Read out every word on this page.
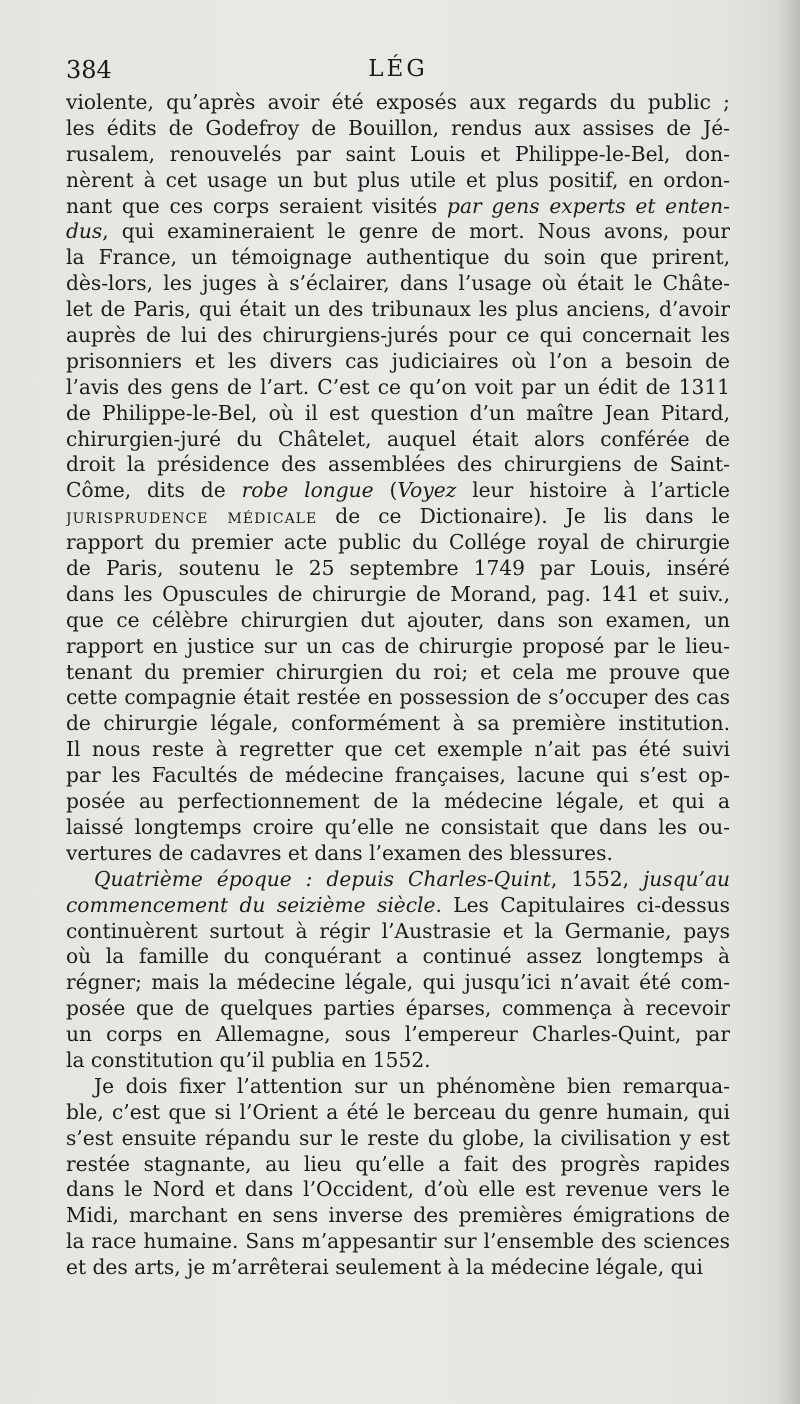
384	LÉG
violente, qu’après avoir été exposés aux regards du public ;
les édits de Godefroy de Bouillon, rendus aux assises de Jé-
rusalem, renouvelés par saint Louis et Philippe-le-Bel, don-
nèrent à cet usage un but plus utile et plus positif, en ordon-
nant que ces corps seraient visités par gens experts et enten-
dus, qui examineraient le genre de mort. Nous avons, pour
la France, un témoignage authentique du soin que prirent,
dès-lors, les juges à s’éclairer, dans l’usage où était le Châte-
let de Paris, qui était un des tribunaux les plus anciens, d’avoir
auprès de lui des chirurgiens-jurés pour ce qui concernait les
prisonniers et les divers cas judiciaires où l’on a besoin de
l’avis des gens de l’art. C’est ce qu’on voit par un édit de 1311
de Philippe-le-Bel, où il est question d’un maître Jean Pitard,
chirurgien-juré du Châtelet, auquel était alors conférée de
droit la présidence des assemblées des chirurgiens de Saint-
Côme, dits de robe longue (Voyez leur histoire à l’article
jurisprudence médicale de ce Dictionaire). Je lis dans le
rapport du premier acte public du Collége royal de chirurgie
de Paris, soutenu le 25 septembre 1749 par Louis, inséré
dans les Opuscules de chirurgie de Morand, pag. 141 et suiv.,
que ce célèbre chirurgien dut ajouter, dans son examen, un
rapport en justice sur un cas de chirurgie proposé par le lieu-
tenant du premier chirurgien du roi; et cela me prouve que
cette compagnie était restée en possession de s’occuper des cas
de chirurgie légale, conformément à sa première institution.
Il nous reste à regretter que cet exemple n’ait pas été suivi
par les Facultés de médecine françaises, lacune qui s’est op-
posée au perfectionnement de la médecine légale, et qui a
laissé longtemps croire qu’elle ne consistait que dans les ou-
vertures de cadavres et dans l’examen des blessures.
Quatrième époque : depuis Charles-Quint, 1552, jusqu’au
commencement du seizième siècle. Les Capitulaires ci-dessus
continuèrent surtout à régir l’Austrasie et la Germanie, pays
où la famille du conquérant a continué assez longtemps à
régner; mais la médecine légale, qui jusqu’ici n’avait été com-
posée que de quelques parties éparses, commença à recevoir
un corps en Allemagne, sous l’empereur Charles-Quint, par
la constitution qu’il publia en 1552.
Je dois fixer l’attention sur un phénomène bien remarqua-
ble, c’est que si l’Orient a été le berceau du genre humain, qui
s’est ensuite répandu sur le reste du globe, la civilisation y est
restée stagnante, au lieu qu’elle a fait des progrès rapides
dans le Nord et dans l’Occident, d’où elle est revenue vers le
Midi, marchant en sens inverse des premières émigrations de
la race humaine. Sans m’appesantir sur l’ensemble des sciences
et des arts, je m’arrêterai seulement à la médecine légale, qui
